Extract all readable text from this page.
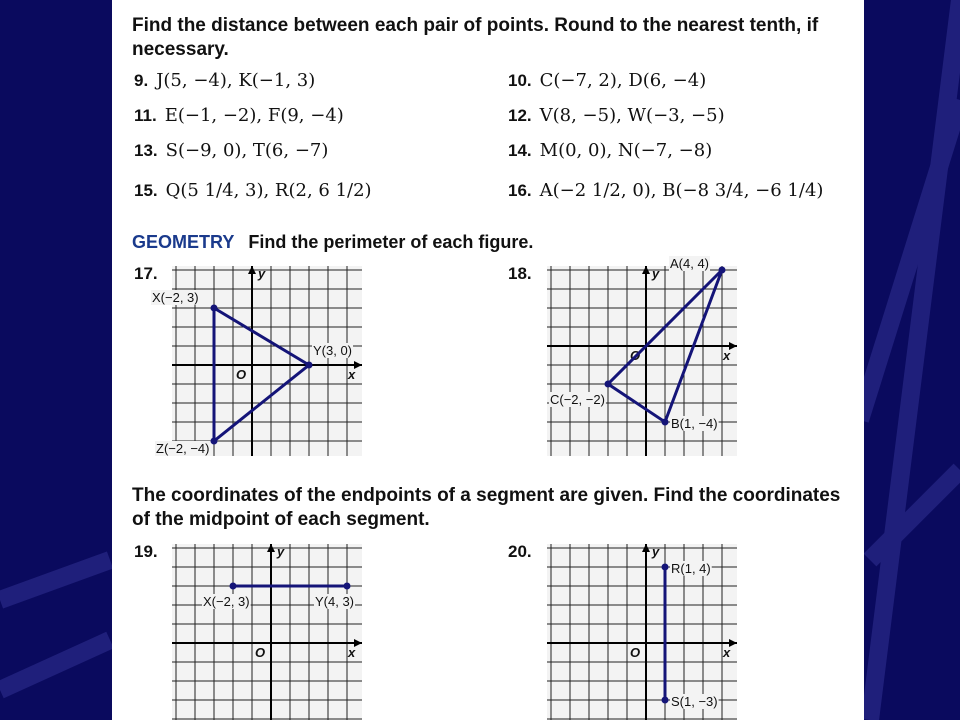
Find the distance between each pair of points. Round to the nearest tenth, if necessary.
9. J(5, −4), K(−1, 3)	10. C(−7, 2), D(6, −4)
11. E(−1, −2), F(9, −4)	12. V(8, −5), W(−3, −5)
13. S(−9, 0), T(6, −7)	14. M(0, 0), N(−7, −8)
15. Q(5 1/4, 3), R(2, 6 1/2)	16. A(−2 1/2, 0), B(−8 3/4, −6 1/4)
GEOMETRY Find the perimeter of each figure.
The coordinates of the endpoints of a segment are given. Find the coordinates of the midpoint of each segment.
17.	18.
19.	20.
x
y
O
X(−2, 3)
Y(3, 0)
Z(−2, −4)
x
y
O
A(4, 4)
B(1, −4)
C(−2, −2)
x
y
O
X(−2, 3)	Y(4, 3)
x
y
O
R(1, 4)
S(1, −3)
